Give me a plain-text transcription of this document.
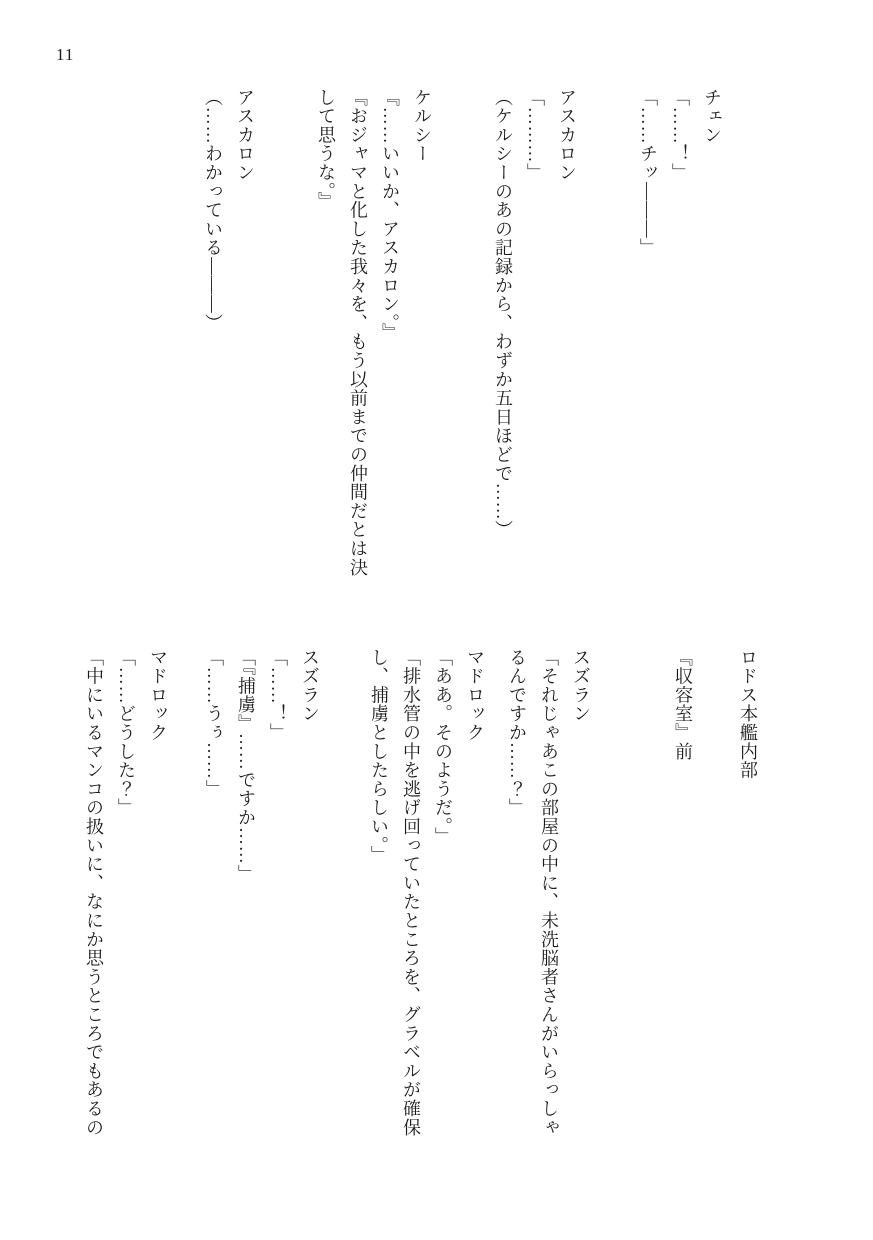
11

チェン

「……！」

「……チッ―――」

アスカロン

「………」

（ケルシーのあの記録から、わずか五日ほどで……）

ケルシー

『……いいか、アスカロン。』

『おジャマと化した我々を、もう以前までの仲間だとは決

して思うな。』

アスカロン

（……わかっている―――）

ロドス本艦内部

『収容室』前

スズラン

「それじゃあこの部屋の中に、未洗脳者さんがいらっしゃ

るんですか……？」

マドロック

「ああ。そのようだ。」

「排水管の中を逃げ回っていたところを、グラベルが確保

し、捕虜としたらしい。」

スズラン

「……！」

「『捕虜』……ですか……」

「……うぅ……」

マドロック

「……どうした？」

「中にいるマンコの扱いに、なにか思うところでもあるの
